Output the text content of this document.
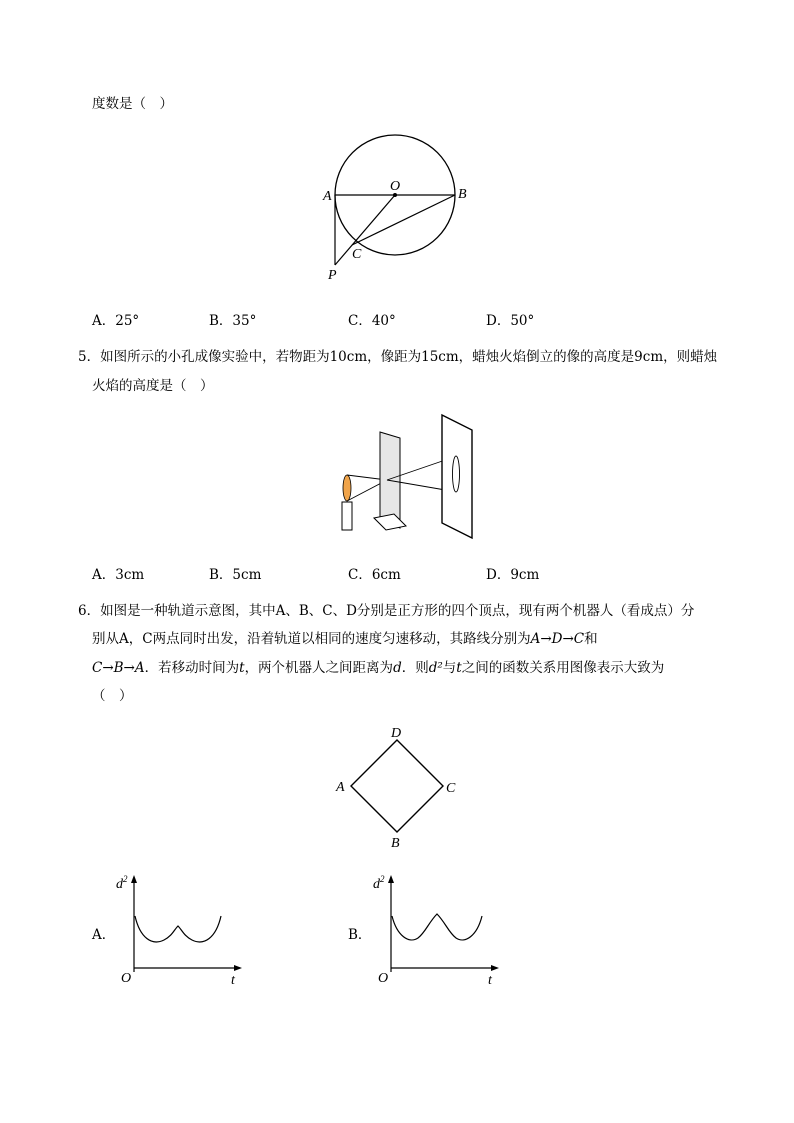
度数是（　）
O
A	B
C
P
A．25°	B．35°	C．40°	D．50°
5．如图所示的小孔成像实验中，若物距为10cm，像距为15cm，蜡烛火焰倒立的像的高度是9cm，则蜡烛
火焰的高度是（　）
A．3cm	B．5cm	C．6cm	D．9cm
6．如图是一种轨道示意图，其中A、B、C、D分别是正方形的四个顶点，现有两个机器人（看成点）分
别从A，C两点同时出发，沿着轨道以相同的速度匀速移动，其路线分别为A→D→C和
C→B→A．若移动时间为t，两个机器人之间距离为d．则d²与t之间的函数关系用图像表示大致为
（　）
D
A	C
B
A．
$d^2$
t
O
B．
$d^2$
t
O
